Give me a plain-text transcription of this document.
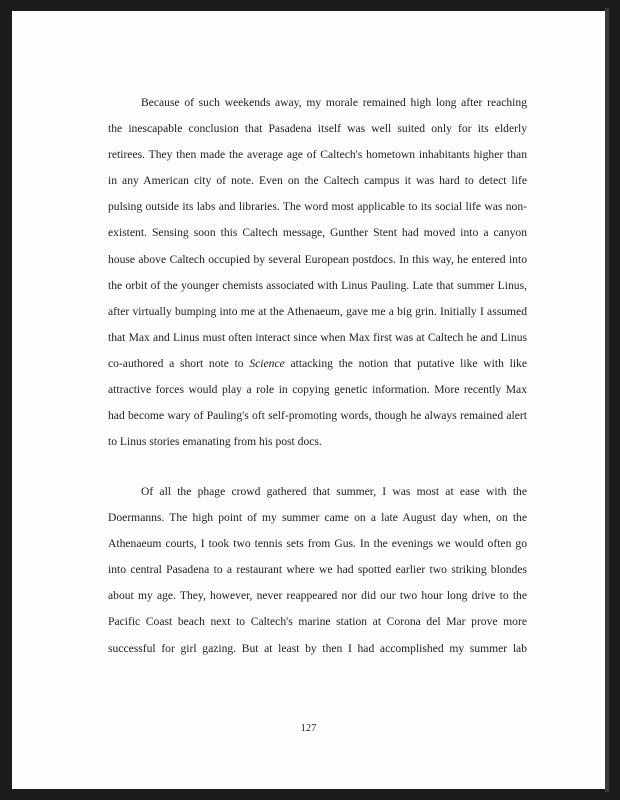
Because of such weekends away, my morale remained high long after reaching
the inescapable conclusion that Pasadena itself was well suited only for its elderly
retirees. They then made the average age of Caltech's hometown inhabitants higher than
in any American city of note. Even on the Caltech campus it was hard to detect life
pulsing outside its labs and libraries. The word most applicable to its social life was non-
existent. Sensing soon this Caltech message, Gunther Stent had moved into a canyon
house above Caltech occupied by several European postdocs. In this way, he entered into
the orbit of the younger chemists associated with Linus Pauling. Late that summer Linus,
after virtually bumping into me at the Athenaeum, gave me a big grin. Initially I assumed
that Max and Linus must often interact since when Max first was at Caltech he and Linus
co-authored a short note to Science attacking the notion that putative like with like
attractive forces would play a role in copying genetic information. More recently Max
had become wary of Pauling's oft self-promoting words, though he always remained alert
to Linus stories emanating from his post docs.
Of all the phage crowd gathered that summer, I was most at ease with the
Doermanns. The high point of my summer came on a late August day when, on the
Athenaeum courts, I took two tennis sets from Gus. In the evenings we would often go
into central Pasadena to a restaurant where we had spotted earlier two striking blondes
about my age. They, however, never reappeared nor did our two hour long drive to the
Pacific Coast beach next to Caltech's marine station at Corona del Mar prove more
successful for girl gazing. But at least by then I had accomplished my summer lab
127
